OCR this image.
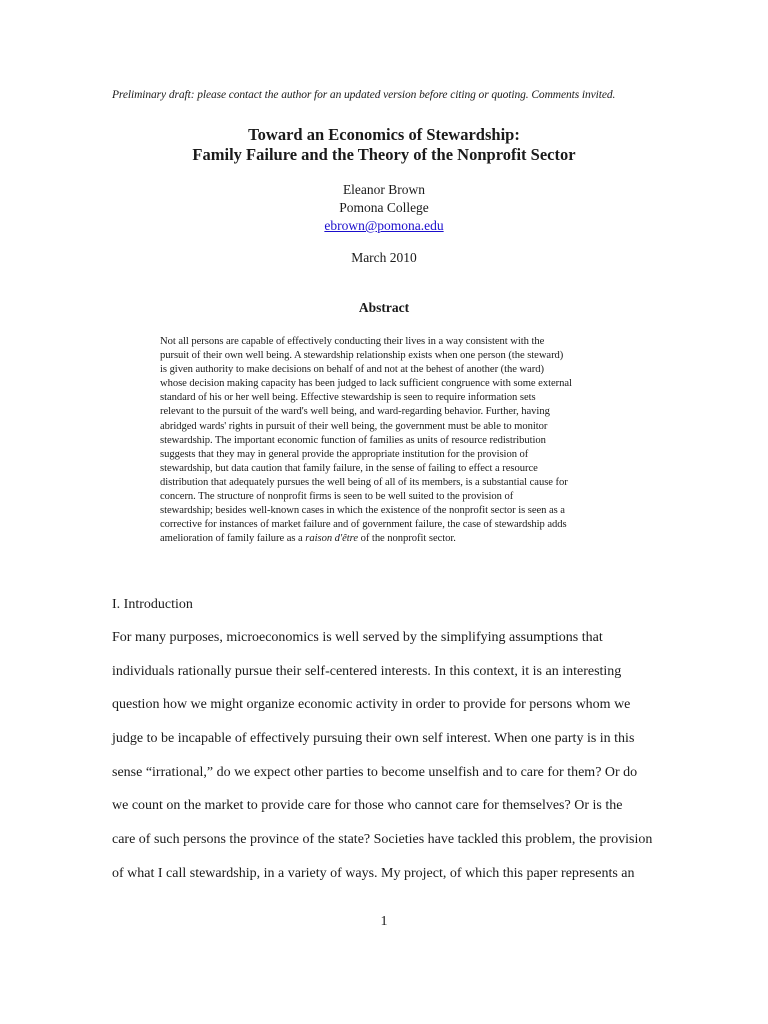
Preliminary draft: please contact the author for an updated version before citing or quoting. Comments invited.
Toward an Economics of Stewardship:
Family Failure and the Theory of the Nonprofit Sector
Eleanor Brown
Pomona College
ebrown@pomona.edu
March 2010
Abstract
Not all persons are capable of effectively conducting their lives in a way consistent with the
pursuit of their own well being. A stewardship relationship exists when one person (the steward)
is given authority to make decisions on behalf of and not at the behest of another (the ward)
whose decision making capacity has been judged to lack sufficient congruence with some external
standard of his or her well being. Effective stewardship is seen to require information sets
relevant to the pursuit of the ward's well being, and ward-regarding behavior. Further, having
abridged wards' rights in pursuit of their well being, the government must be able to monitor
stewardship. The important economic function of families as units of resource redistribution
suggests that they may in general provide the appropriate institution for the provision of
stewardship, but data caution that family failure, in the sense of failing to effect a resource
distribution that adequately pursues the well being of all of its members, is a substantial cause for
concern. The structure of nonprofit firms is seen to be well suited to the provision of
stewardship; besides well-known cases in which the existence of the nonprofit sector is seen as a
corrective for instances of market failure and of government failure, the case of stewardship adds
amelioration of family failure as a raison d'être of the nonprofit sector.
I. Introduction
For many purposes, microeconomics is well served by the simplifying assumptions that
individuals rationally pursue their self-centered interests. In this context, it is an interesting
question how we might organize economic activity in order to provide for persons whom we
judge to be incapable of effectively pursuing their own self interest. When one party is in this
sense “irrational,” do we expect other parties to become unselfish and to care for them? Or do
we count on the market to provide care for those who cannot care for themselves? Or is the
care of such persons the province of the state? Societies have tackled this problem, the provision
of what I call stewardship, in a variety of ways. My project, of which this paper represents an
1
